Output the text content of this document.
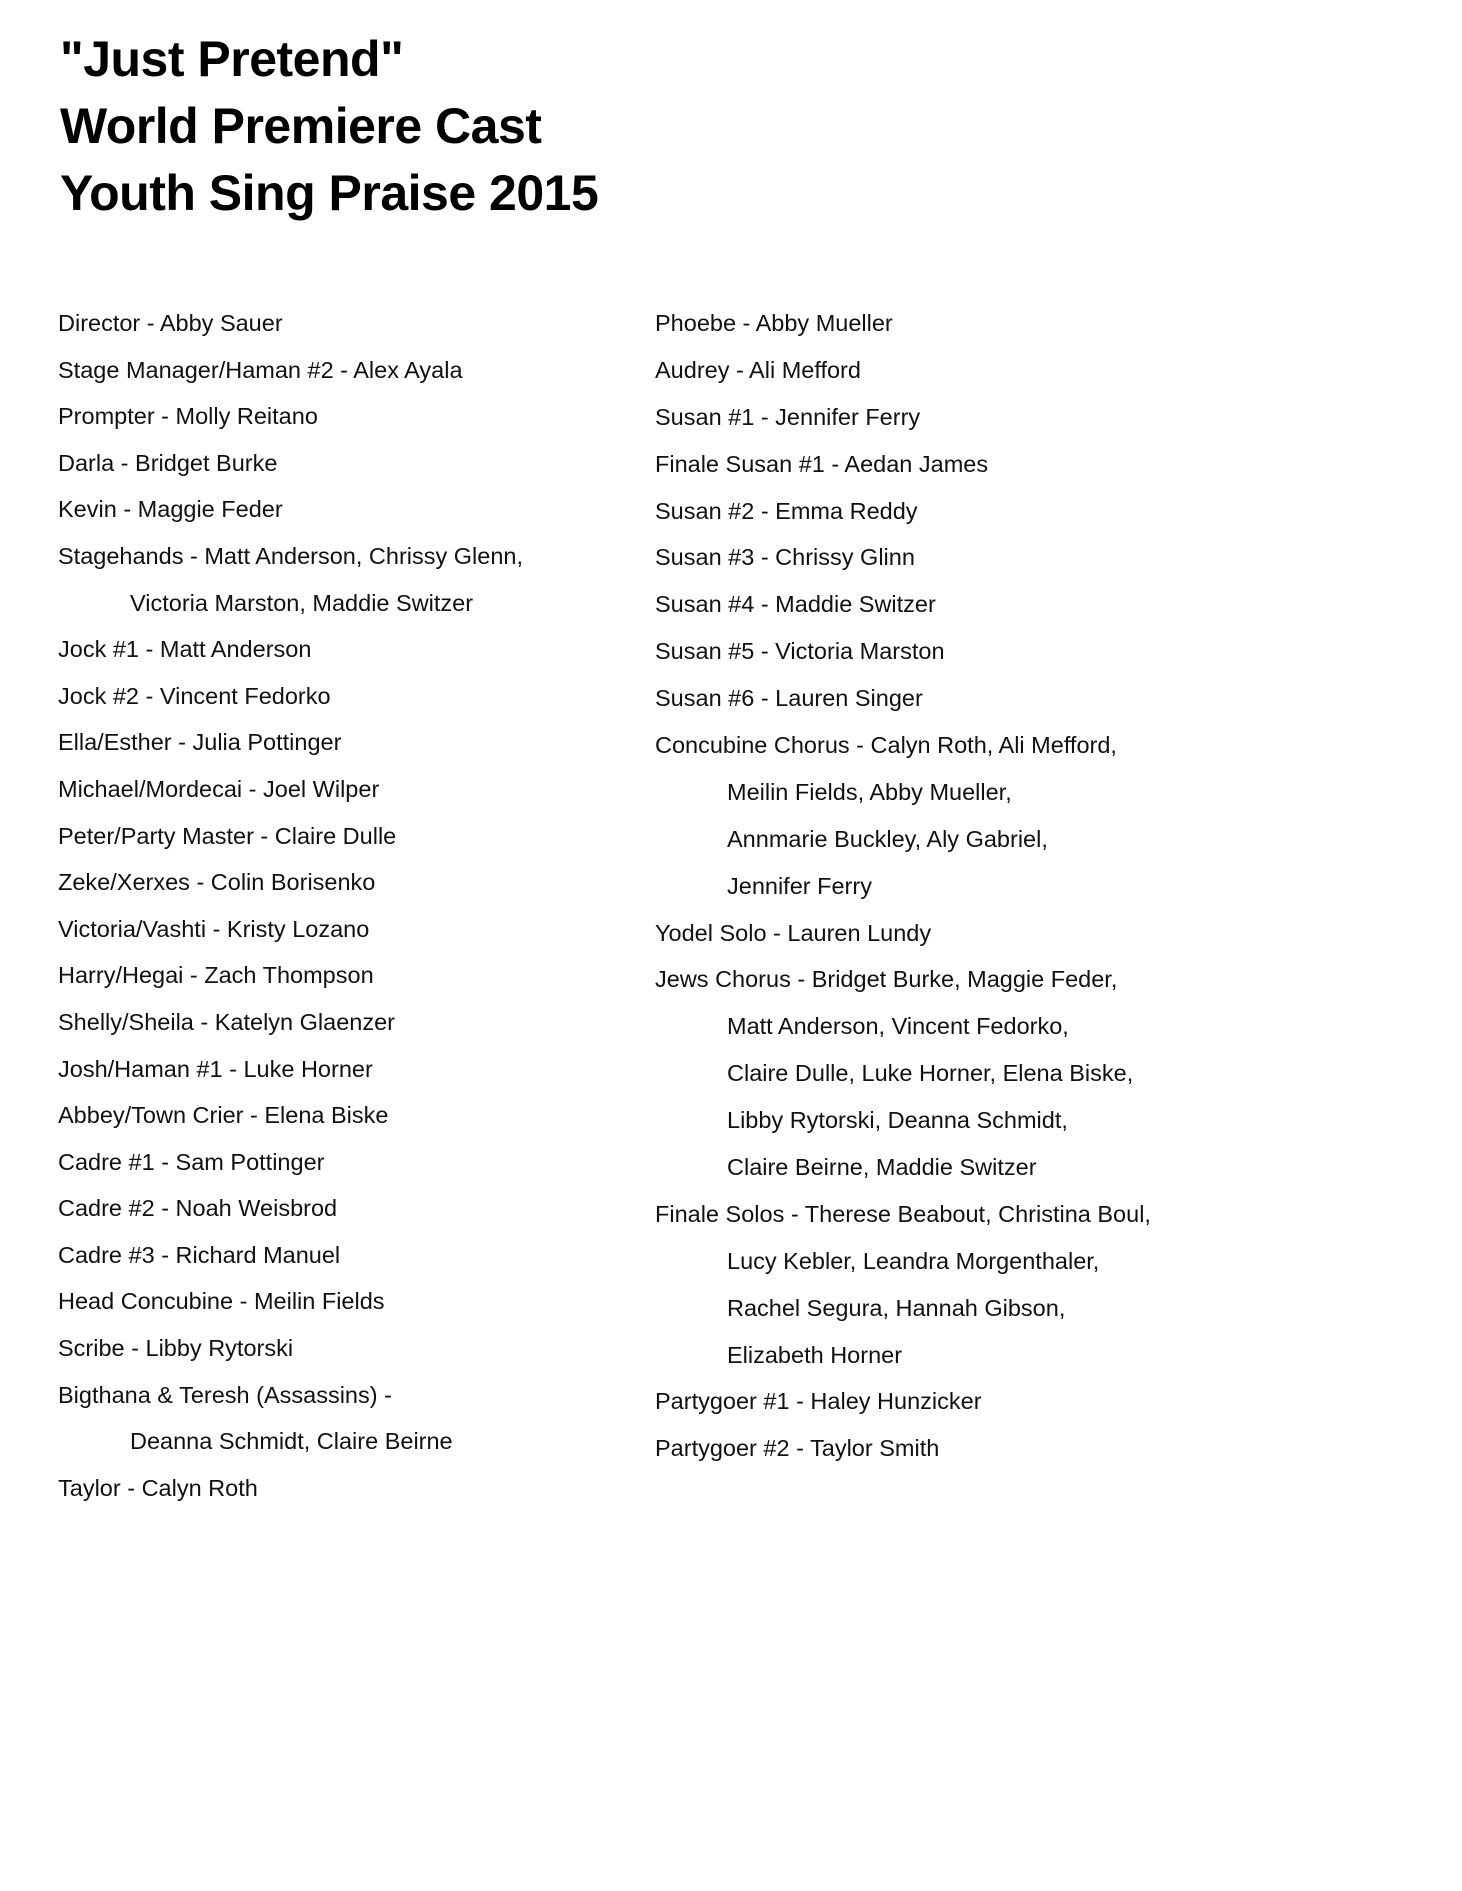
"Just Pretend"
World Premiere Cast
Youth Sing Praise 2015
Director - Abby Sauer
Stage Manager/Haman #2 - Alex Ayala
Prompter - Molly Reitano
Darla - Bridget Burke
Kevin - Maggie Feder
Stagehands - Matt Anderson, Chrissy Glenn,
Victoria Marston, Maddie Switzer
Jock #1 - Matt Anderson
Jock #2 - Vincent Fedorko
Ella/Esther - Julia Pottinger
Michael/Mordecai - Joel Wilper
Peter/Party Master - Claire Dulle
Zeke/Xerxes - Colin Borisenko
Victoria/Vashti - Kristy Lozano
Harry/Hegai - Zach Thompson
Shelly/Sheila - Katelyn Glaenzer
Josh/Haman #1 - Luke Horner
Abbey/Town Crier - Elena Biske
Cadre #1 - Sam Pottinger
Cadre #2 - Noah Weisbrod
Cadre #3 - Richard Manuel
Head Concubine - Meilin Fields
Scribe - Libby Rytorski
Bigthana & Teresh (Assassins) -
Deanna Schmidt, Claire Beirne
Taylor - Calyn Roth
Phoebe - Abby Mueller
Audrey - Ali Mefford
Susan #1 - Jennifer Ferry
Finale Susan #1 - Aedan James
Susan #2 - Emma Reddy
Susan #3 - Chrissy Glinn
Susan #4 - Maddie Switzer
Susan #5 - Victoria Marston
Susan #6 - Lauren Singer
Concubine Chorus - Calyn Roth, Ali Mefford,
Meilin Fields, Abby Mueller,
Annmarie Buckley, Aly Gabriel,
Jennifer Ferry
Yodel Solo - Lauren Lundy
Jews Chorus - Bridget Burke, Maggie Feder,
Matt Anderson, Vincent Fedorko,
Claire Dulle, Luke Horner, Elena Biske,
Libby Rytorski, Deanna Schmidt,
Claire Beirne, Maddie Switzer
Finale Solos - Therese Beabout, Christina Boul,
Lucy Kebler, Leandra Morgenthaler,
Rachel Segura, Hannah Gibson,
Elizabeth Horner
Partygoer #1 - Haley Hunzicker
Partygoer #2 - Taylor Smith
